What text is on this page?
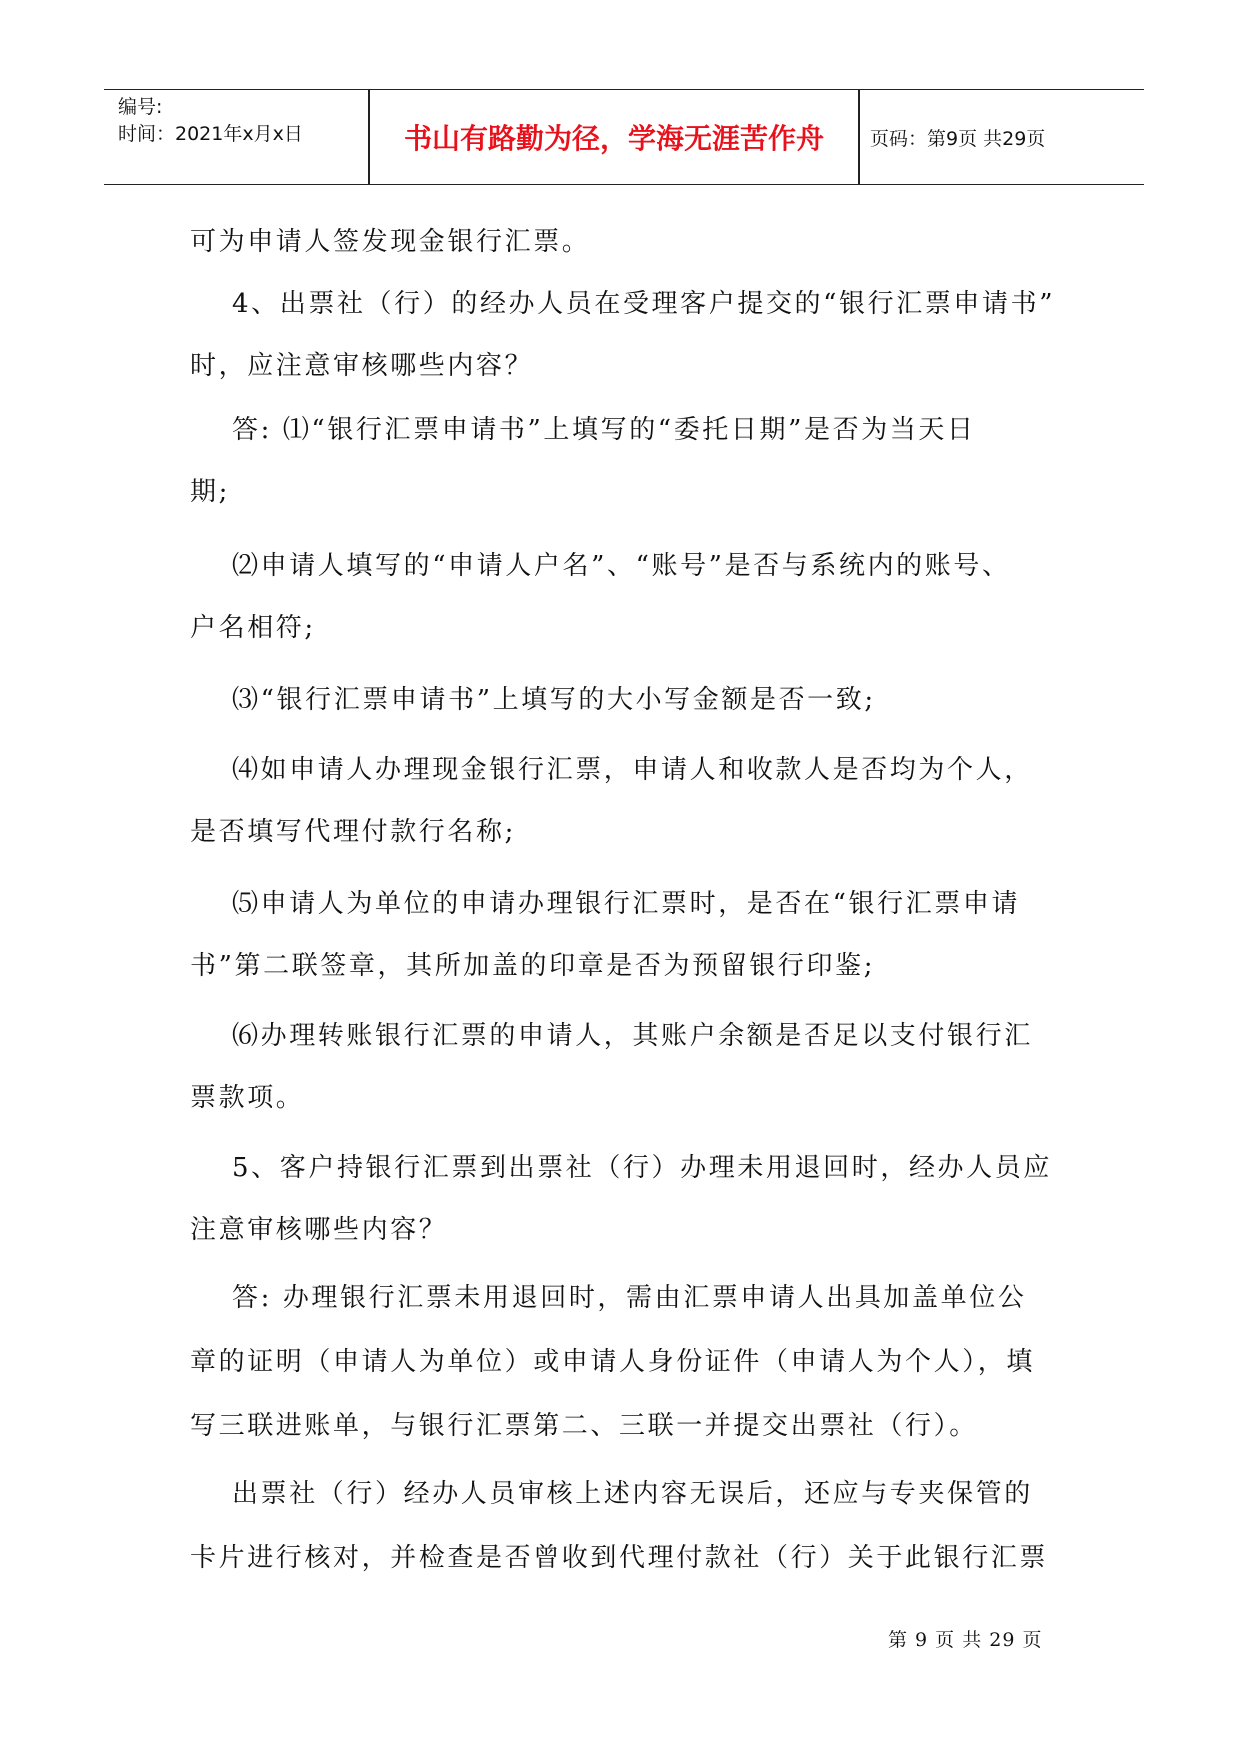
编号:
时间：2021年x月x日	书山有路勤为径，学海无涯苦作舟	页码：第9页 共29页
可为申请人签发现金银行汇票。
4、出票社（行）的经办人员在受理客户提交的“银行汇票申请书”
时，应注意审核哪些内容？
答: ⑴“银行汇票申请书”上填写的“委托日期”是否为当天日
期;
⑵申请人填写的“申请人户名”、“账号”是否与系统内的账号、
户名相符;
⑶“银行汇票申请书”上填写的大小写金额是否一致;
⑷如申请人办理现金银行汇票，申请人和收款人是否均为个人，
是否填写代理付款行名称;
⑸申请人为单位的申请办理银行汇票时，是否在“银行汇票申请
书”第二联签章，其所加盖的印章是否为预留银行印鉴;
⑹办理转账银行汇票的申请人，其账户余额是否足以支付银行汇
票款项。
5、客户持银行汇票到出票社（行）办理未用退回时，经办人员应
注意审核哪些内容？
答: 办理银行汇票未用退回时，需由汇票申请人出具加盖单位公
章的证明（申请人为单位）或申请人身份证件（申请人为个人），填
写三联进账单，与银行汇票第二、三联一并提交出票社（行）。
出票社（行）经办人员审核上述内容无误后，还应与专夹保管的
卡片进行核对，并检查是否曾收到代理付款社（行）关于此银行汇票
第 9 页 共 29 页
